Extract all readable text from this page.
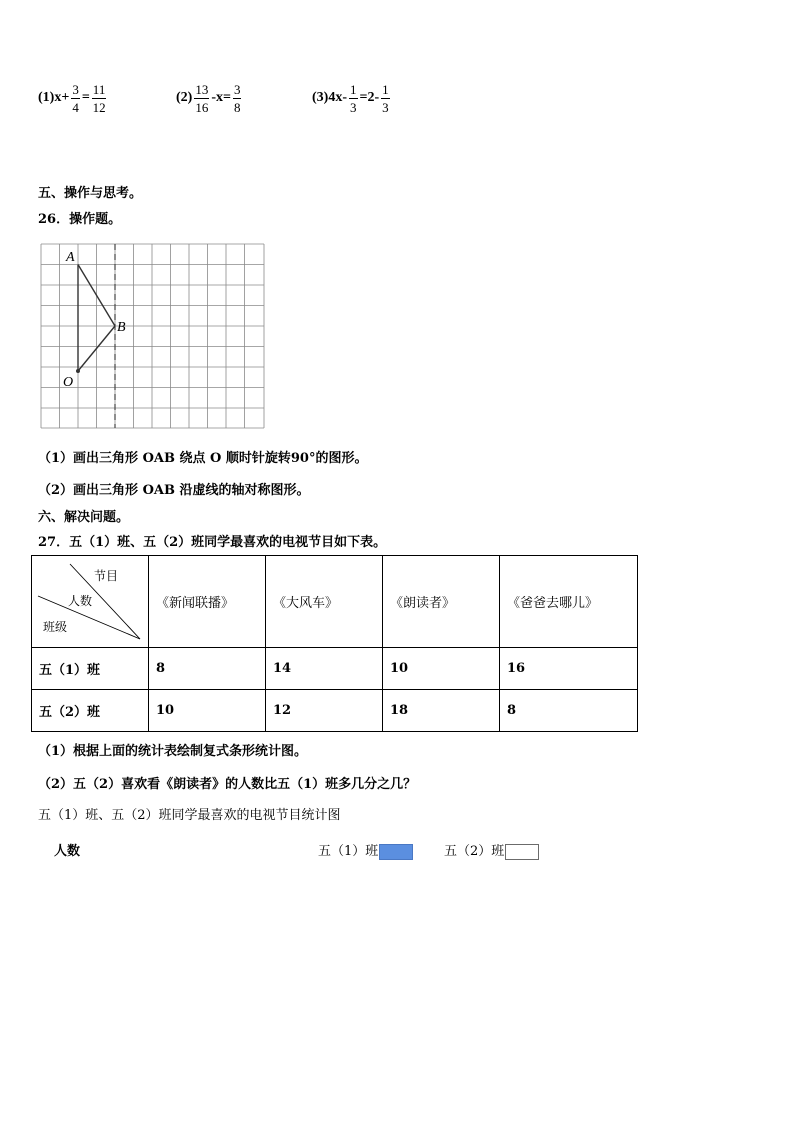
(1) $x+ \frac{3}{4} = \frac{11}{12}$	$(2) \frac{13}{16} -x= \frac{3}{8}$	(3) $4x- \frac{1}{3} =2- \frac{1}{3}$
五、操作与思考。
26．操作题。
A
B
O
（1）画出三角形 OAB 绕点 O 顺时针旋转90°的图形。
（2）画出三角形 OAB 沿虚线的轴对称图形。
六、解决问题。
27．五（1）班、五（2）班同学最喜欢的电视节目如下表。
节目
人数
班级	《新闻联播》	《大风车》	《朗读者》	《爸爸去哪儿》
五（1）班	8	14	10	16
五（2）班	10	12	18	8
（1）根据上面的统计表绘制复式条形统计图。
（2）五（2）喜欢看《朗读者》的人数比五（1）班多几分之几？
五（1）班、五（2）班同学最喜欢的电视节目统计图
人数	五（1）班	五（2）班
